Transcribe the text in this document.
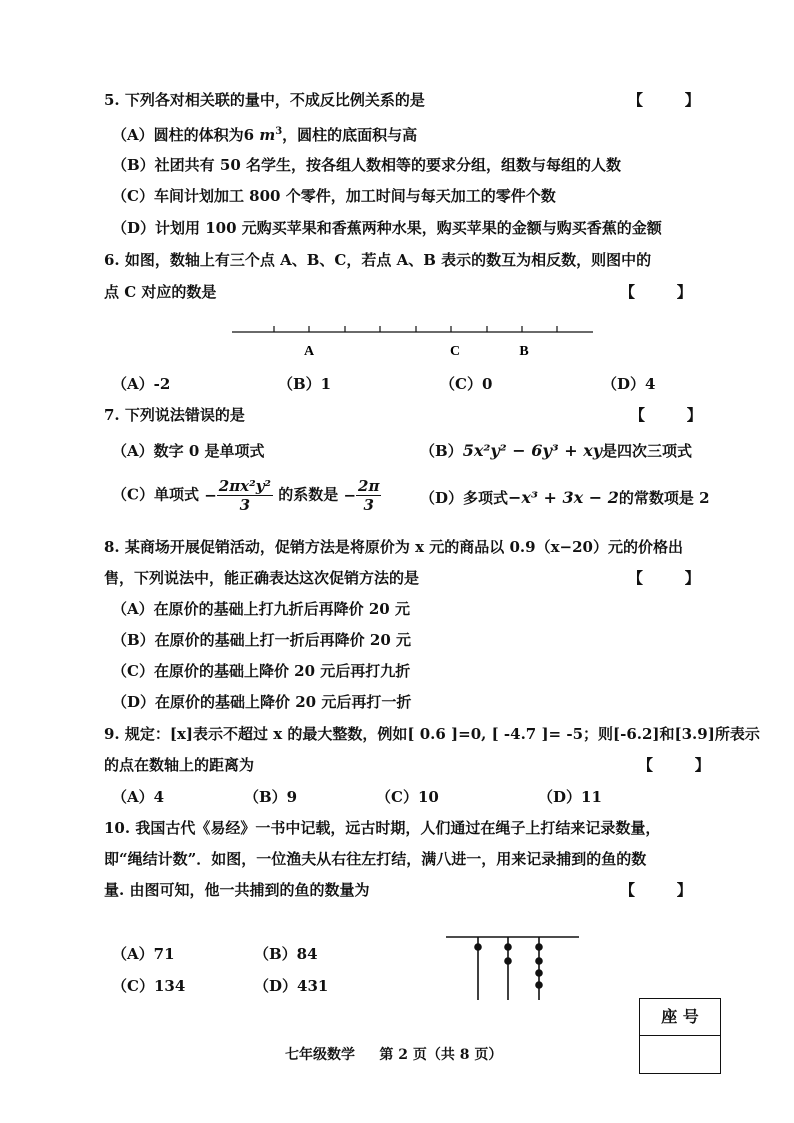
5. 下列各对相关联的量中，不成反比例关系的是	【        】
（A）圆柱的体积为6 $m^3$，圆柱的底面积与高
（B）社团共有 50 名学生，按各组人数相等的要求分组，组数与每组的人数
（C）车间计划加工 800 个零件，加工时间与每天加工的零件个数
（D）计划用 100 元购买苹果和香蕉两种水果，购买苹果的金额与购买香蕉的金额
6. 如图，数轴上有三个点 A、B、C，若点 A、B 表示的数互为相反数，则图中的
点 C 对应的数是	【        】
A	C	B
（A）-2	（B）1	（C）0	（D）4
7. 下列说法错误的是	【        】
（A）数字 0 是单项式	（B）5x²y² − 6y³ + xy是四次三项式
（C）单项式 − $\frac{\text{2πx²y²}}{3}$ 的系数是 − $\frac{2\pi}{3}$	（D）多项式−x³ + 3x − 2的常数项是 2
8. 某商场开展促销活动，促销方法是将原价为 x 元的商品以 0.9（x−20）元的价格出
售，下列说法中，能正确表达这次促销方法的是	【        】
（A）在原价的基础上打九折后再降价 20 元
（B）在原价的基础上打一折后再降价 20 元
（C）在原价的基础上降价 20 元后再打九折
（D）在原价的基础上降价 20 元后再打一折
9. 规定：[x]表示不超过 x 的最大整数，例如[ 0.6 ]=0, [ -4.7 ]= -5；则[-6.2]和[3.9]所表示
的点在数轴上的距离为	【        】
（A）4	（B）9	（C）10	（D）11
10. 我国古代《易经》一书中记载，远古时期，人们通过在绳子上打结来记录数量，
即“绳结计数”．如图，一位渔夫从右往左打结，满八进一，用来记录捕到的鱼的数
量. 由图可知，他一共捕到的鱼的数量为	【        】
（A）71	（B）84
（C）134	（D）431
座 号
七年级数学     第 2 页（共 8 页）
